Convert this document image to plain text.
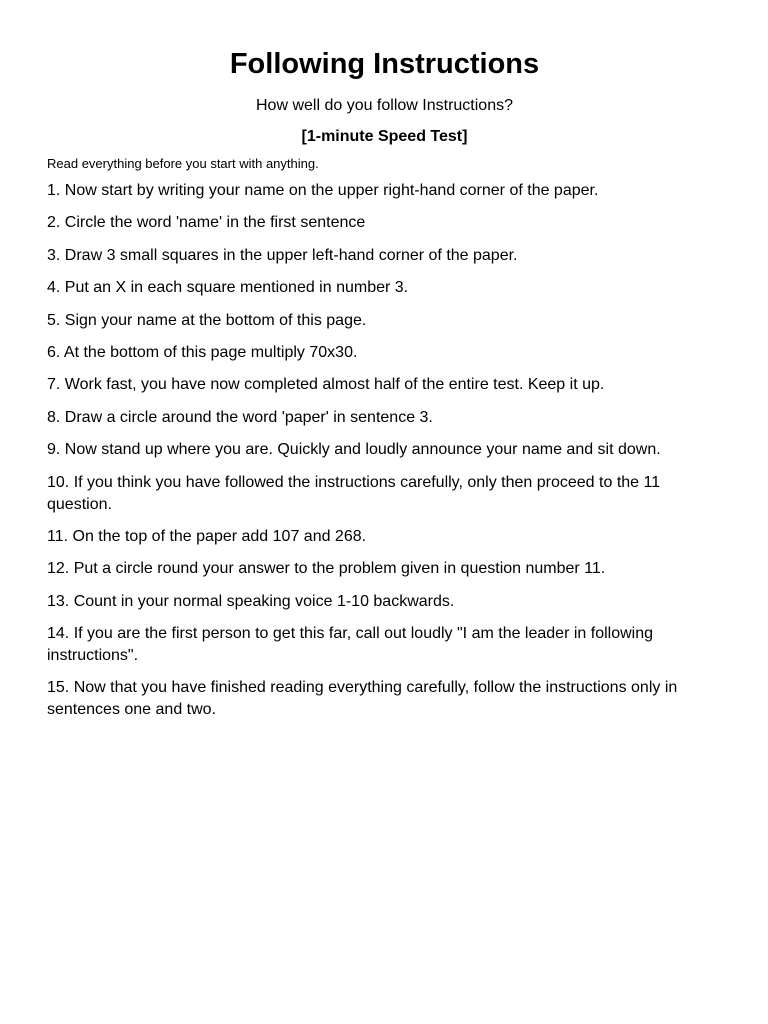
Following Instructions

How well do you follow Instructions?

[1-minute Speed Test]

Read everything before you start with anything.

1. Now start by writing your name on the upper right-hand corner of the paper.
2. Circle the word 'name' in the first sentence
3. Draw 3 small squares in the upper left-hand corner of the paper.
4. Put an X in each square mentioned in number 3.
5. Sign your name at the bottom of this page.
6. At the bottom of this page multiply 70x30.
7. Work fast, you have now completed almost half of the entire test. Keep it up.
8. Draw a circle around the word 'paper' in sentence 3.
9. Now stand up where you are. Quickly and loudly announce your name and sit down.
10. If you think you have followed the instructions carefully, only then proceed to the 11 question.
11. On the top of the paper add 107 and 268.
12. Put a circle round your answer to the problem given in question number 11.
13. Count in your normal speaking voice 1-10 backwards.
14. If you are the first person to get this far, call out loudly "I am the leader in following instructions".
15. Now that you have finished reading everything carefully, follow the instructions only in sentences one and two.
